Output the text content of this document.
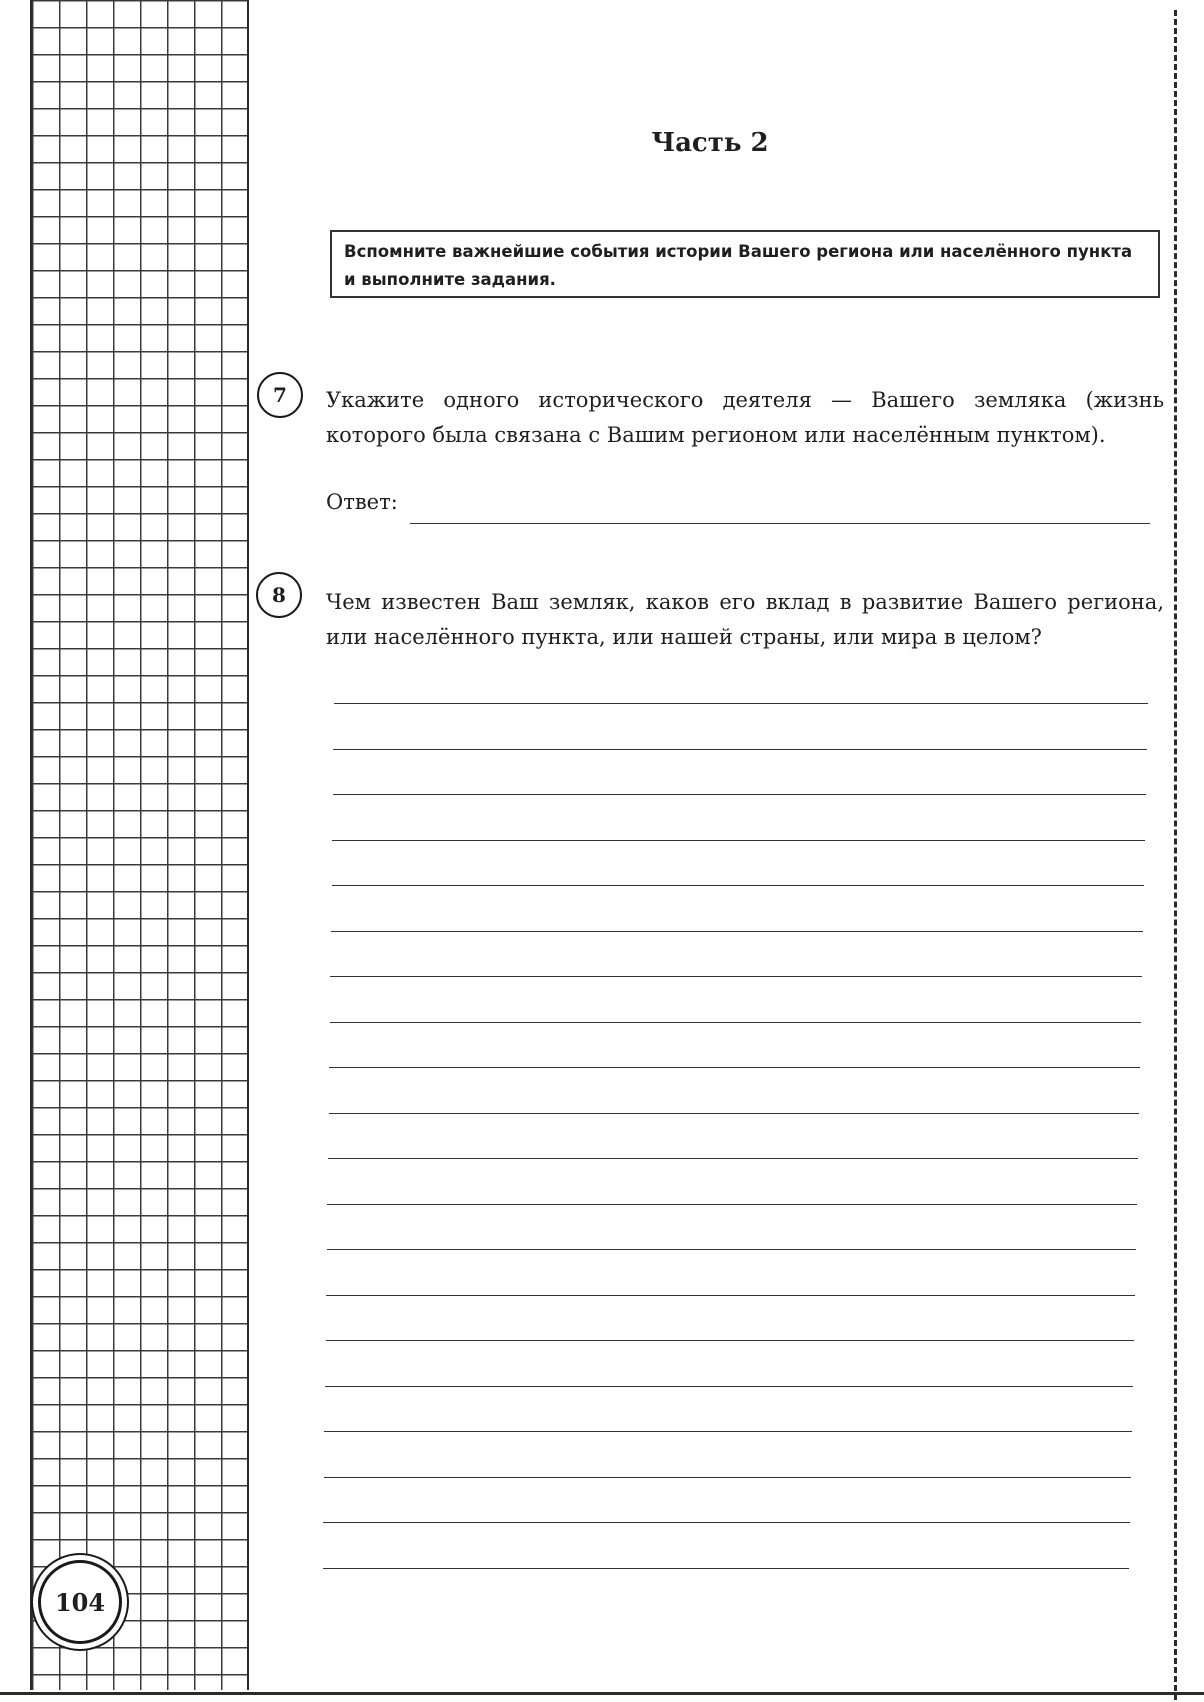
104
Часть 2
Вспомните важнейшие события истории Вашего региона или населённого пункта и выполните задания.
7	Укажите одного исторического деятеля — Вашего земляка (жизнь которого была связана с Вашим регионом или населённым пунктом).
Ответ:
8	Чем известен Ваш земляк, каков его вклад в развитие Вашего региона, или населённого пункта, или нашей страны, или мира в целом?
